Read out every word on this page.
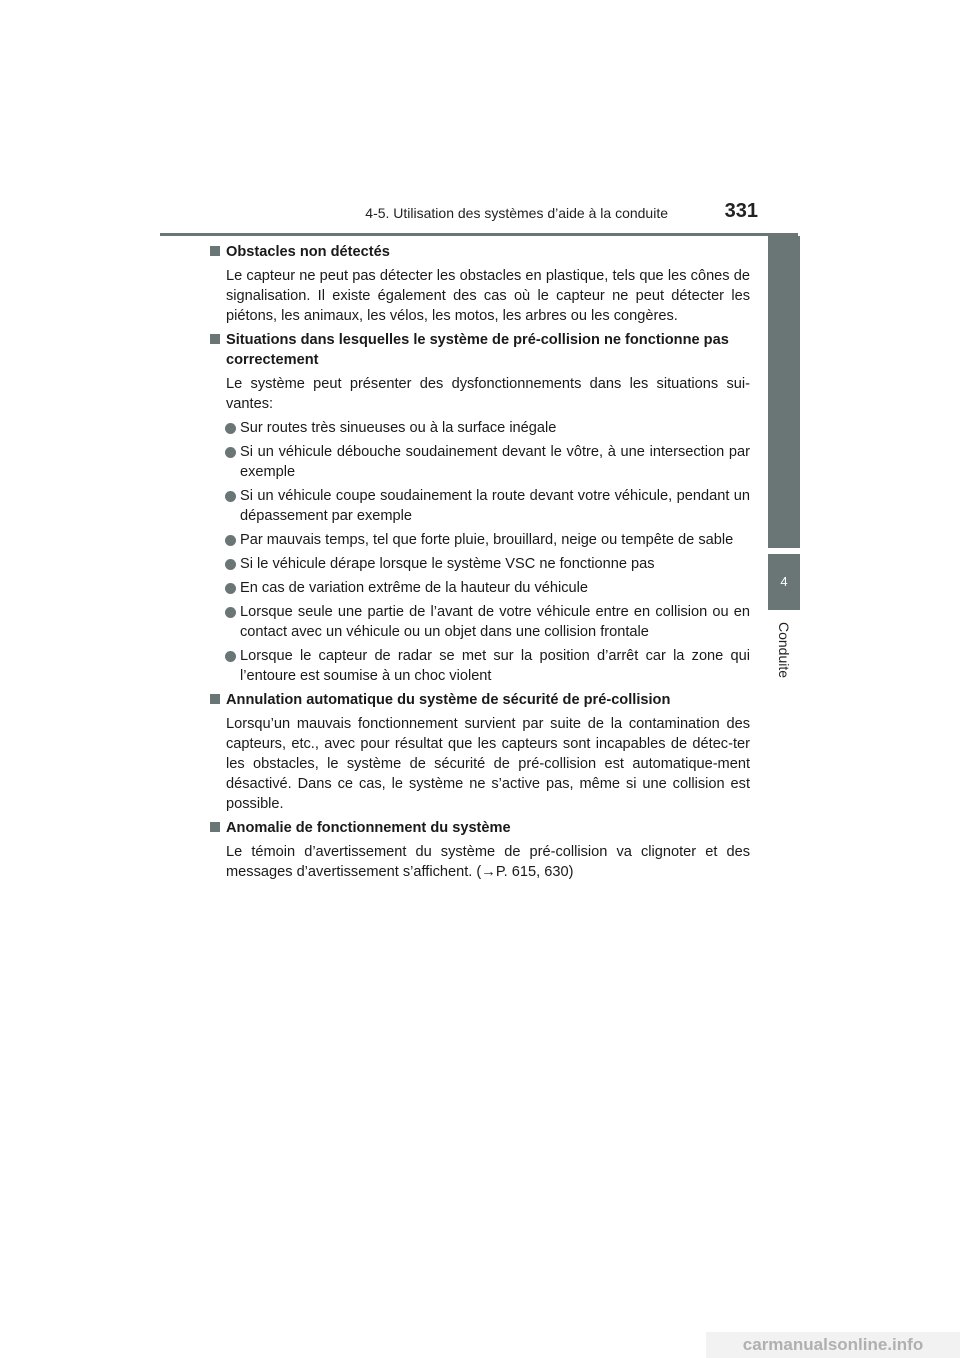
4-5. Utilisation des systèmes d’aide à la conduite	331
4
Conduite
Obstacles non détectés
Le capteur ne peut pas détecter les obstacles en plastique, tels que les cônes de signalisation. Il existe également des cas où le capteur ne peut détecter les piétons, les animaux, les vélos, les motos, les arbres ou les congères.
Situations dans lesquelles le système de pré-collision ne fonctionne pas correctement
Le système peut présenter des dysfonctionnements dans les situations sui-vantes:
Sur routes très sinueuses ou à la surface inégale
Si un véhicule débouche soudainement devant le vôtre, à une intersection par exemple
Si un véhicule coupe soudainement la route devant votre véhicule, pendant un dépassement par exemple
Par mauvais temps, tel que forte pluie, brouillard, neige ou tempête de sable
Si le véhicule dérape lorsque le système VSC ne fonctionne pas
En cas de variation extrême de la hauteur du véhicule
Lorsque seule une partie de l’avant de votre véhicule entre en collision ou en contact avec un véhicule ou un objet dans une collision frontale
Lorsque le capteur de radar se met sur la position d’arrêt car la zone qui l’entoure est soumise à un choc violent
Annulation automatique du système de sécurité de pré-collision
Lorsqu’un mauvais fonctionnement survient par suite de la contamination des capteurs, etc., avec pour résultat que les capteurs sont incapables de détec-ter les obstacles, le système de sécurité de pré-collision est automatique-ment désactivé. Dans ce cas, le système ne s’active pas, même si une collision est possible.
Anomalie de fonctionnement du système
Le témoin d’avertissement du système de pré-collision va clignoter et des messages d’avertissement s’affichent. (→P. 615, 630)
carmanualsonline.info
